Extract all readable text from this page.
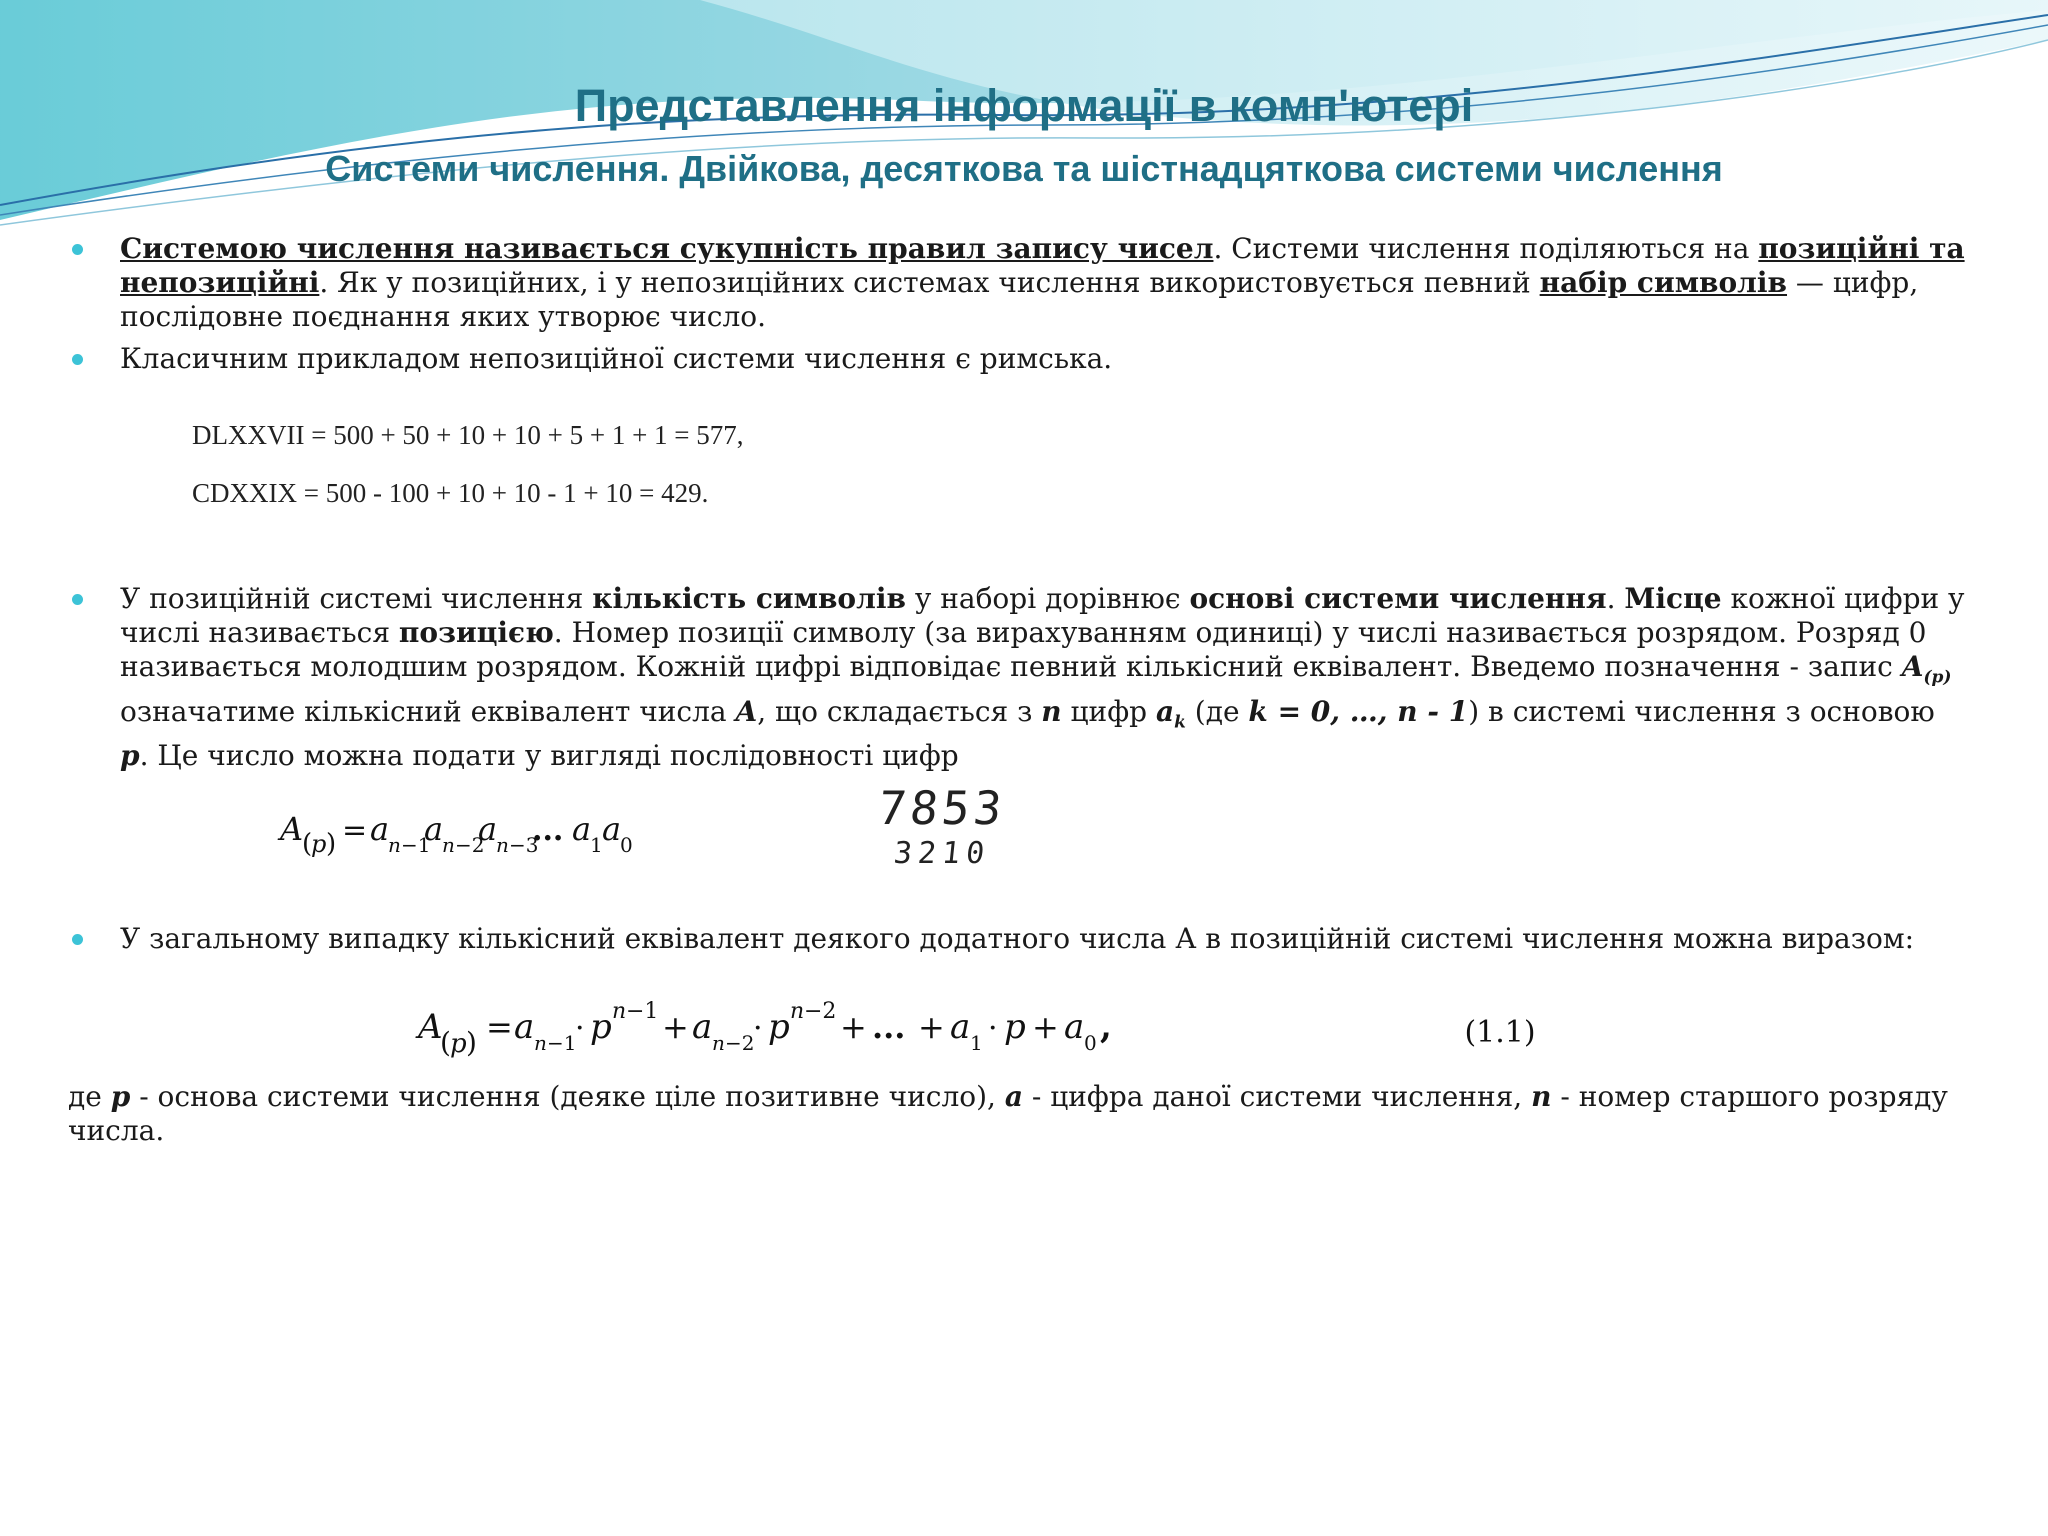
Представлення інформації в комп'ютері
Системи числення. Двійкова, десяткова та шістнадцяткова системи числення
Системою числення називається сукупність правил запису чисел. Системи числення поділяються на позиційні та непозиційні. Як у позиційних, і у непозиційних системах числення використовується певний набір символів — цифр, послідовне поєднання яких утворює число.
Класичним прикладом непозиційної системи числення є римська.
У позиційній системі числення кількість символів у наборі дорівнює основі системи числення. Місце кожної цифри у числі називається позицією. Номер позиції символу (за вирахуванням одиниці) у числі називається розрядом. Розряд 0 називається молодшим розрядом. Кожній цифрі відповідає певний кількісний еквівалент. Введемо позначення - запис $A_{(p)}$ означатиме кількісний еквівалент числа A, що складається з n цифр $a_k$ (де k = 0, …, n - 1) в системі числення з основою p. Це число можна подати у вигляді послідовності цифр
У загальному випадку кількісний еквівалент деякого додатного числа А в позиційній системі числення можна виразом:
DLXXVII = 500 + 50 + 10 + 10 + 5 + 1 + 1 = 577,
CDXXIX = 500 - 100 + 10 + 10 - 1 + 10 = 429.
A
(
p ) = a
n −1
a
n −2
a
n −3
... a
1 a
0
7853
3210
A
( p ) = a n −1
· p n −1 + a n −2
· p n −2 + ... + a 1 · p + a 0 ,	(1.1)
де p - основа системи числення (деяке ціле позитивне число), a - цифра даної системи числення, n - номер старшого розряду числа.
